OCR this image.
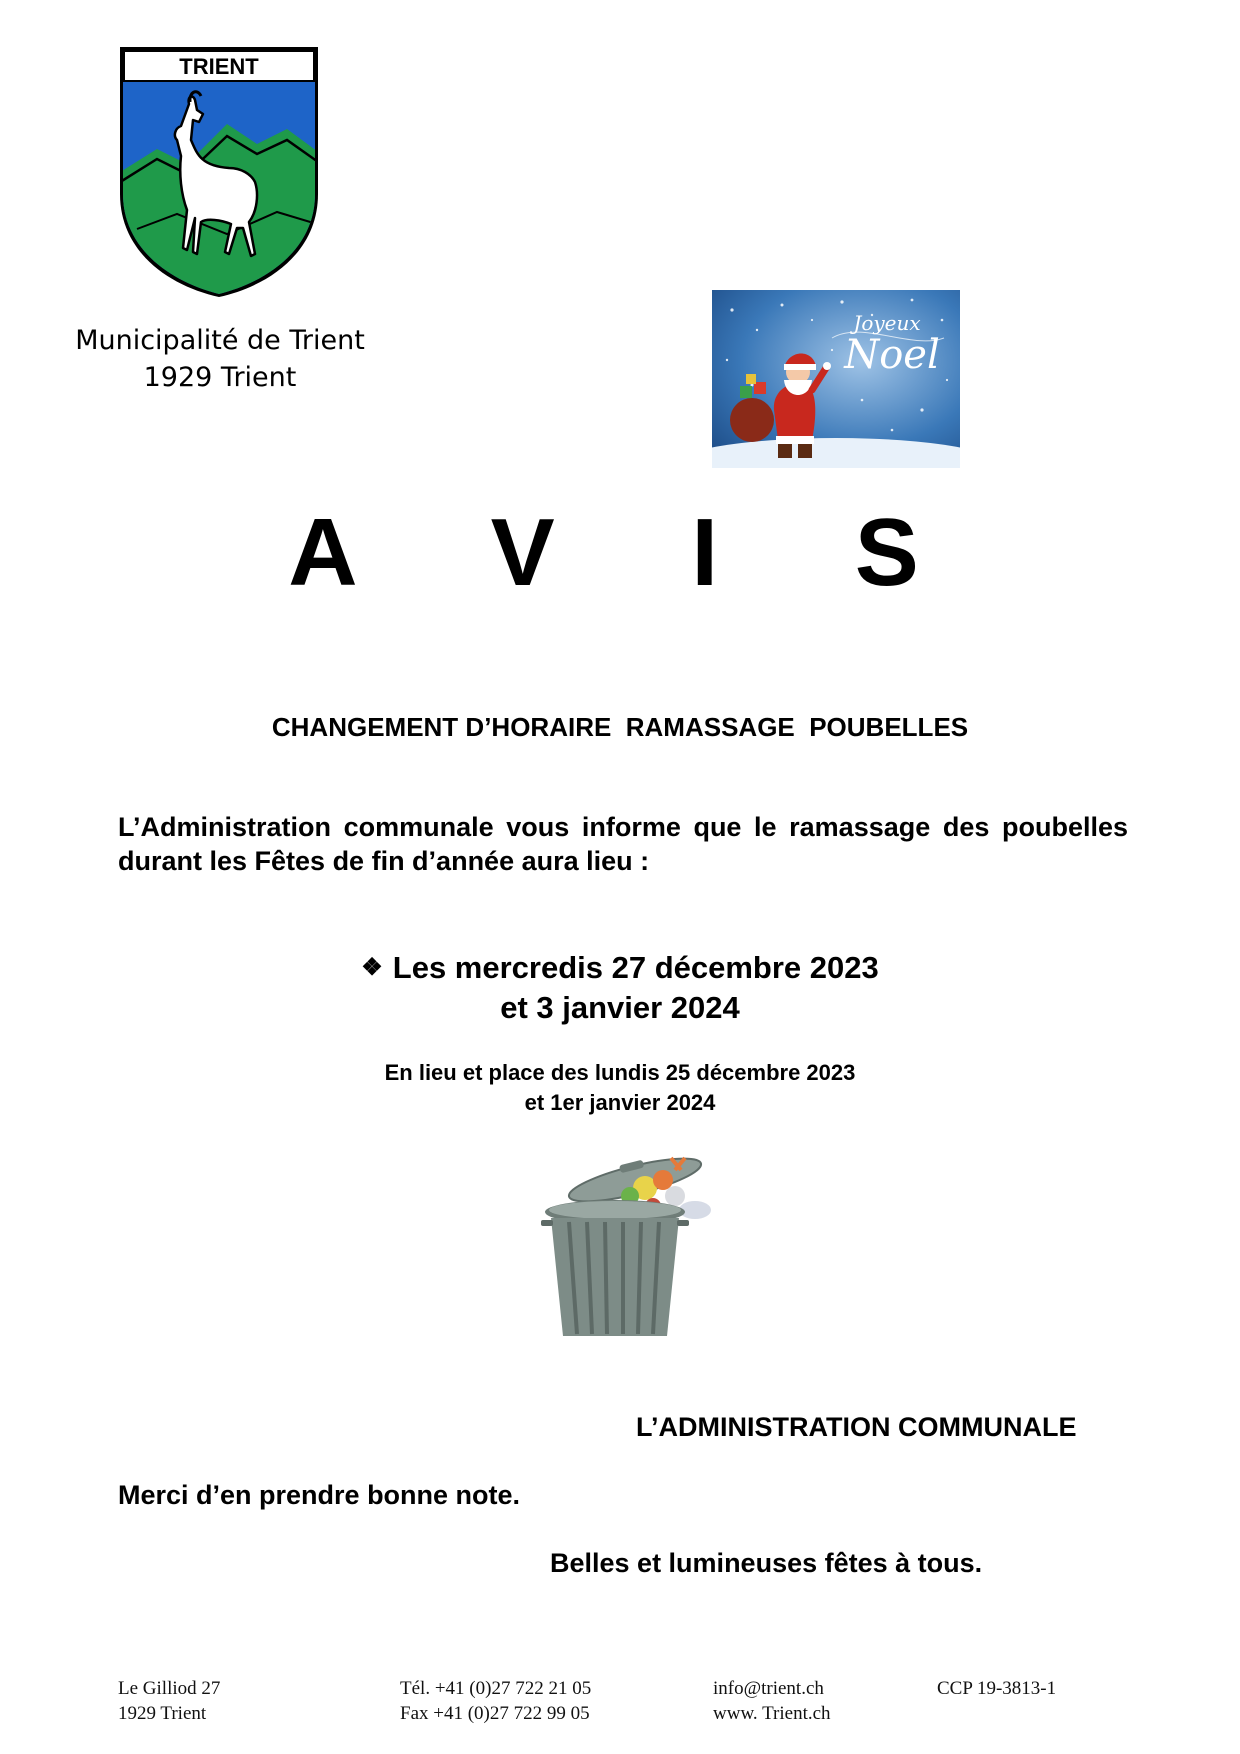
TRIENT
Municipalité de Trient
1929 Trient
Joyeux
Noel
A V I S
CHANGEMENT D’HORAIRE  RAMASSAGE  POUBELLES
L’Administration communale vous informe que le ramassage des poubelles durant les Fêtes de fin d’année aura lieu :
❖ Les mercredis 27 décembre 2023
et 3 janvier 2024
En lieu et place des lundis 25 décembre 2023
et 1er janvier 2024
L’ADMINISTRATION COMMUNALE
Merci d’en prendre bonne note.
Belles et lumineuses fêtes à tous.
Le Gilliod 27
1929 Trient
Tél. +41 (0)27 722 21 05
Fax +41 (0)27 722 99 05
info@trient.ch
www. Trient.ch
CCP 19-3813-1
